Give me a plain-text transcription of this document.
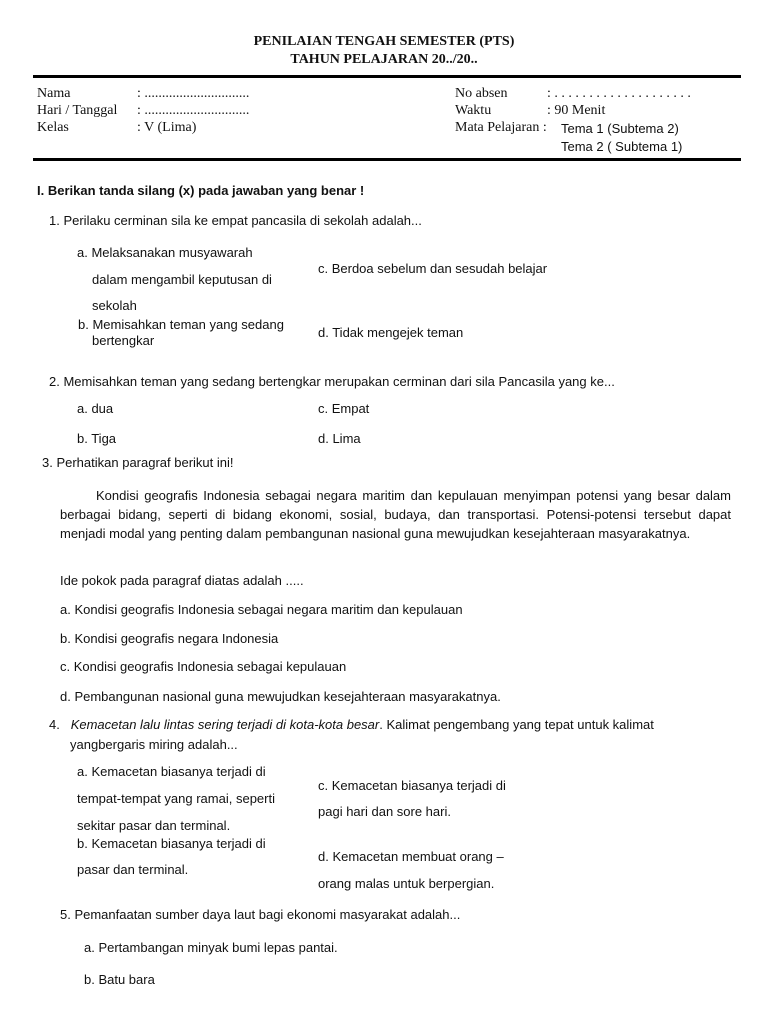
PENILAIAN TENGAH SEMESTER (PTS)
TAHUN PELAJARAN 20../20..
Nama	: ..............................
Hari / Tanggal : ..............................
Kelas	: V (Lima)
No absen	: . . . . . . . . . . . . . . . . . . . .
Waktu	: 90 Menit
Mata Pelajaran : Tema 1 (Subtema 2)
Tema 2 ( Subtema 1)
I. Berikan tanda silang (x) pada jawaban yang benar !
1. Perilaku cerminan sila ke empat pancasila di sekolah adalah...
a. Melaksanakan musyawarah
dalam mengambil keputusan di
sekolah
b. Memisahkan teman yang sedang
bertengkar
c. Berdoa sebelum dan sesudah belajar
d. Tidak mengejek teman
2. Memisahkan teman yang sedang bertengkar merupakan cerminan dari sila Pancasila yang ke...
a. dua
b. Tiga
c. Empat
d. Lima
3. Perhatikan paragraf berikut ini!
Kondisi geografis Indonesia sebagai negara maritim dan kepulauan menyimpan potensi yang besar dalam berbagai bidang, seperti di bidang ekonomi, sosial, budaya, dan transportasi. Potensi-potensi tersebut dapat menjadi modal yang penting dalam pembangunan nasional guna mewujudkan kesejahteraan masyarakatnya.
Ide pokok pada paragraf diatas adalah .....
a. Kondisi geografis Indonesia sebagai negara maritim dan kepulauan
b. Kondisi geografis negara Indonesia
c. Kondisi geografis Indonesia sebagai kepulauan
d. Pembangunan nasional guna mewujudkan kesejahteraan masyarakatnya.
4. Kemacetan lalu lintas sering terjadi di kota-kota besar. Kalimat pengembang yang tepat untuk kalimat
yangbergaris miring adalah...
a. Kemacetan biasanya terjadi di
tempat-tempat yang ramai, seperti
sekitar pasar dan terminal.
b. Kemacetan biasanya terjadi di
pasar dan terminal.
c. Kemacetan biasanya terjadi di
pagi hari dan sore hari.
d. Kemacetan membuat orang –
orang malas untuk berpergian.
5. Pemanfaatan sumber daya laut bagi ekonomi masyarakat adalah...
a. Pertambangan minyak bumi lepas pantai.
b. Batu bara
